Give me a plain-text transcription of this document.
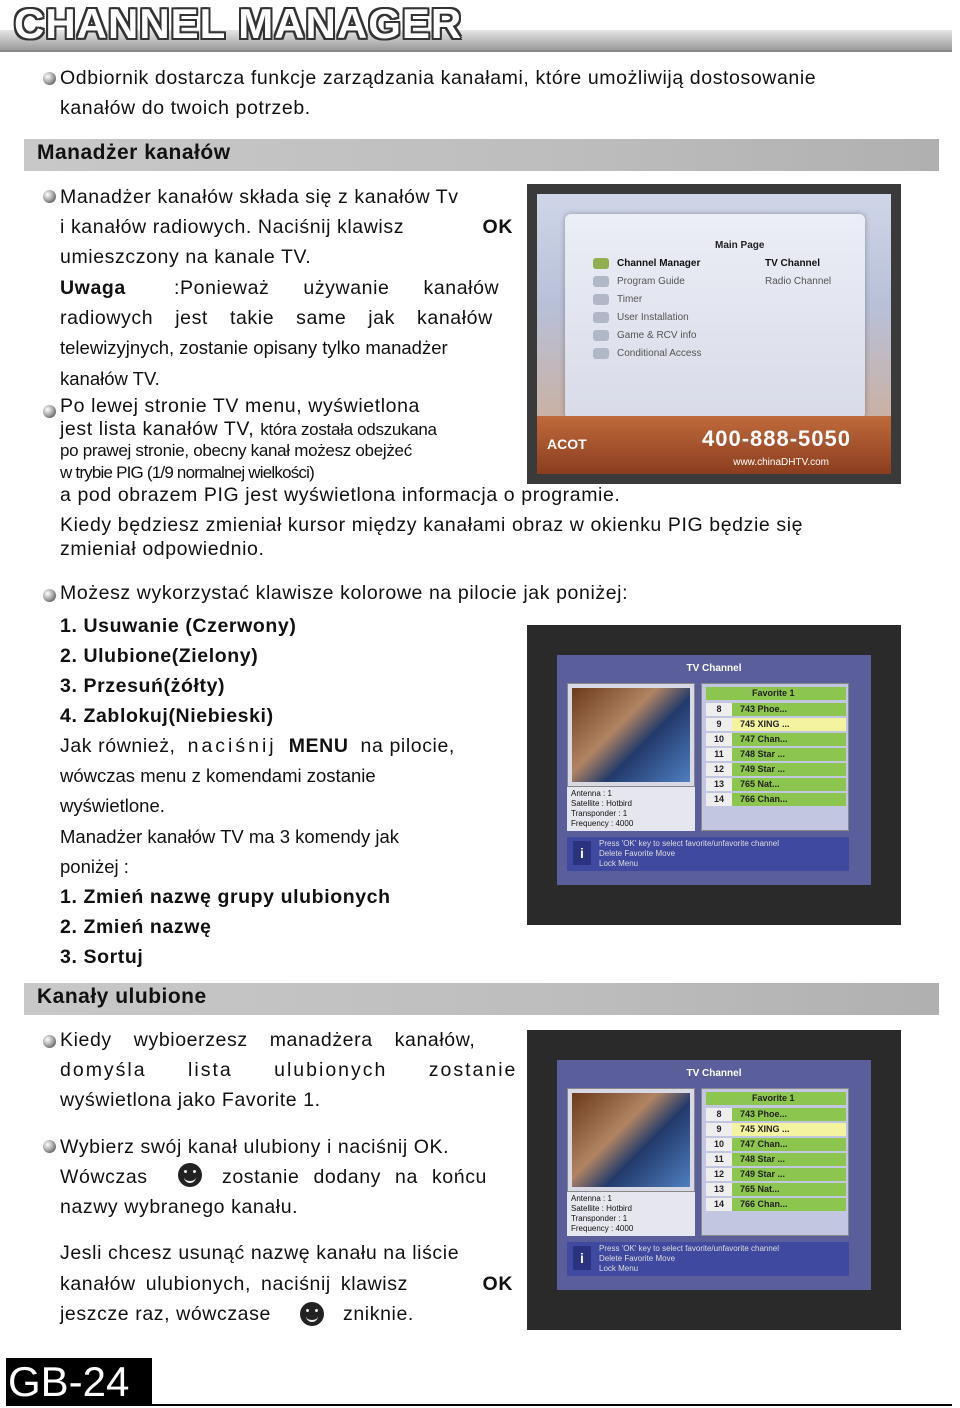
CHANNEL MANAGER
Odbiornik dostarcza funkcje zarządzania kanałami, które umożliwiją dostosowanie
kanałów do twoich potrzeb.
Manadżer kanałów
Manadżer kanałów składa się z kanałów Tv
i kanałów radiowych. Naciśnij klawisz	OK
umieszczony na kanale TV.
Uwaga :Ponieważ używanie kanałów
radiowych jest takie same jak kanałów
telewizyjnych, zostanie opisany tylko manadżer
kanałów TV.
Main Page
Channel Manager
Program Guide
Timer
User Installation
Game & RCV info
Conditional Access
TV Channel
Radio Channel
ACOT	400-888-5050
www.chinaDHTV.com
Po lewej stronie TV menu, wyświetlona
jest lista kanałów TV, która została odszukana
po prawej stronie, obecny kanał możesz obejżeć
w trybie PIG (1/9 normalnej wielkości)
a pod obrazem PIG jest wyświetlona informacja o programie.
Kiedy będziesz zmieniał kursor między kanałami obraz w okienku PIG będzie się
zmieniał odpowiednio.
Możesz wykorzystać klawisze kolorowe na pilocie jak poniżej:
1. Usuwanie (Czerwony)
2. Ulubione(Zielony)
3. Przesuń(żółty)
4. Zablokuj(Niebieski)
Jak również, naciśnij MENU na pilocie,
wówczas menu z komendami zostanie
wyświetlone.
Manadżer kanałów TV ma 3 komendy jak
poniżej :
1. Zmień nazwę grupy ulubionych
2. Zmień nazwę
3. Sortuj
TV Channel
Antenna : 1
Satellite : Hotbird
Transponder : 1
Frequency : 4000
Favorite 1
8 743 Phoe...
9 745 XING ...
10 747 Chan...
11 748 Star ...
12 749 Star ...
13 765 Nat...
14 766 Chan...
i
Press 'OK' key to select favorite/unfavorite channel
Delete Favorite Move
Lock Menu
Kanały ulubione
Kiedy wybioerzesz manadżera kanałów,
domyśla lista ulubionych zostanie
wyświetlona jako Favorite 1.
Wybierz swój kanał ulubiony i naciśnij OK.
Wówczas	zostanie dodany na końcu
nazwy wybranego kanału.
Jesli chcesz usunąć nazwę kanału na liście
kanałów ulubionych, naciśnij klawisz	OK
jeszcze raz, wówczase	zniknie.
TV Channel
Antenna : 1
Satellite : Hotbird
Transponder : 1
Frequency : 4000
Favorite 1
8 743 Phoe...
9 745 XING ...
10 747 Chan...
11 748 Star ...
12 749 Star ...
13 765 Nat...
14 766 Chan...
i
Press 'OK' key to select favorite/unfavorite channel
Delete Favorite Move
Lock Menu
GB-24
